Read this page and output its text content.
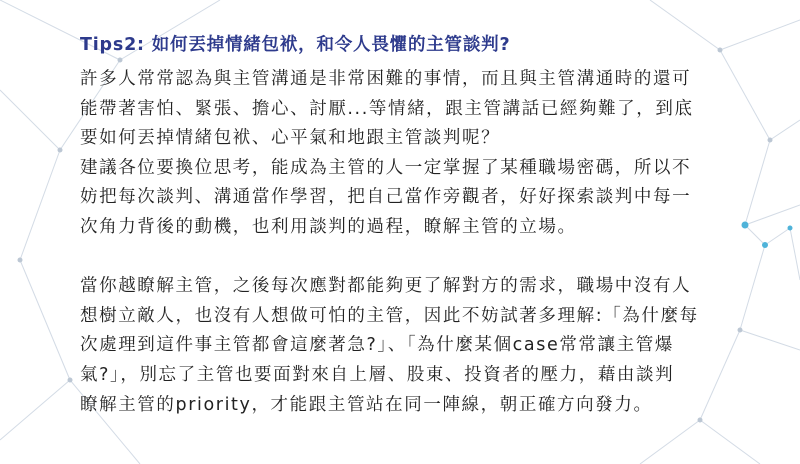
Tips2: 如何丟掉情緒包袱，和令人畏懼的主管談判?

許多人常常認為與主管溝通是非常困難的事情，而且與主管溝通時的還可
能帶著害怕、緊張、擔心、討厭...等情緒，跟主管講話已經夠難了，到底
要如何丟掉情緒包袱、心平氣和地跟主管談判呢？

建議各位要換位思考，能成為主管的人一定掌握了某種職場密碼，所以不
妨把每次談判、溝通當作學習，把自己當作旁觀者，好好探索談判中每一
次角力背後的動機，也利用談判的過程，瞭解主管的立場。

當你越瞭解主管，之後每次應對都能夠更了解對方的需求，職場中沒有人
想樹立敵人，也沒有人想做可怕的主管，因此不妨試著多理解:「為什麼每
次處理到這件事主管都會這麼著急?」、「為什麼某個case常常讓主管爆
氣?」，別忘了主管也要面對來自上層、股東、投資者的壓力，藉由談判
瞭解主管的priority，才能跟主管站在同一陣線，朝正確方向發力。
